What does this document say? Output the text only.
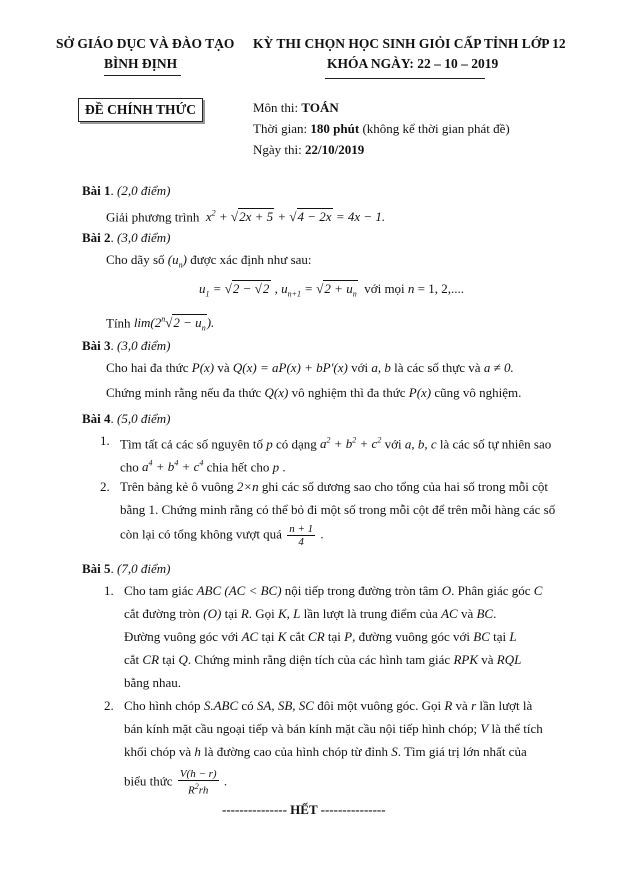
SỞ GIÁO DỤC VÀ ĐÀO TẠO
BÌNH ĐỊNH
KỲ THI CHỌN HỌC SINH GIỎI CẤP TỈNH LỚP 12
KHÓA NGÀY: 22 – 10 – 2019
ĐỀ CHÍNH THỨC	Môn thi: TOÁN
Thời gian: 180 phút (không kể thời gian phát đề)
Ngày thi: 22/10/2019
Bài 1. (2,0 điểm)
Giải phương trình  $x^2 + √2x + 5 + √4 - 2x = 4x - 1$.
Bài 2. (3,0 điểm)
Cho dãy số $(u_n)$ được xác định như sau:
$u_1 = √2 - √2$ , $u_{n+1} = √2 + u_n$ với mọi n = 1, 2,....
Tính $\lim(2^n√2 - u_n)$.
Bài 3. (3,0 điểm)
Cho hai đa thức P(x) và Q(x) = aP(x) + bP′(x) với a, b là các số thực và a ≠ 0.
Chứng minh rằng nếu đa thức Q(x) vô nghiệm thì đa thức P(x) cũng vô nghiệm.
Bài 4. (5,0 điểm)
1. Tìm tất cả các số nguyên tố p có dạng $a^2 + b^2 + c^2$ với a, b, c là các số tự nhiên sao
cho $a^4 + b^4 + c^4$ chia hết cho p .
2. Trên bảng kẻ ô vuông 2×n ghi các số dương sao cho tổng của hai số trong mỗi cột
bằng 1. Chứng minh rằng có thể bỏ đi một số trong mỗi cột để trên mỗi hàng các số
còn lại có tổng không vượt quá $\frac{n + 1}{4}$ .
Bài 5. (7,0 điểm)
1. Cho tam giác ABC (AC < BC) nội tiếp trong đường tròn tâm O. Phân giác góc C
cắt đường tròn (O) tại R. Gọi K, L lần lượt là trung điểm của AC và BC.
Đường vuông góc với AC tại K cắt CR tại P, đường vuông góc với BC tại L
cắt CR tại Q. Chứng minh rằng diện tích của các hình tam giác RPK và RQL
bằng nhau.
2. Cho hình chóp S.ABC có SA, SB, SC đôi một vuông góc. Gọi R và r lần lượt là
bán kính mặt cầu ngoại tiếp và bán kính mặt cầu nội tiếp hình chóp; V là thể tích
khối chóp và h là đường cao của hình chóp từ đỉnh S. Tìm giá trị lớn nhất của
biểu thức $\frac{V(h - r)}{R^2rh}$ .
--------------- HẾT ---------------
